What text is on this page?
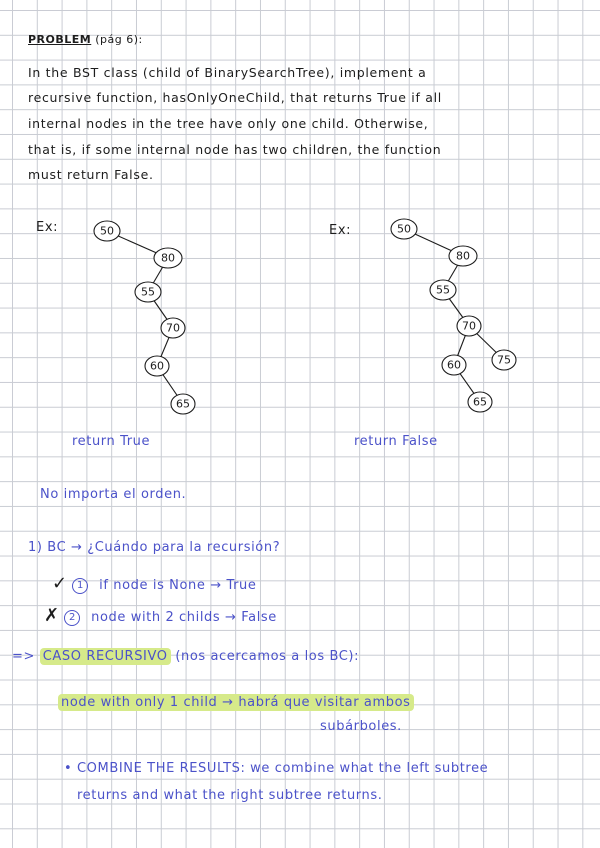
PROBLEM (pág 6):
In the BST class (child of BinarySearchTree), implement a
recursive function, hasOnlyOneChild, that returns True if all
internal nodes in the tree have only one child. Otherwise,
that is, if some internal node has two children, the function
must return False.
Ex:	50
80
55
70
60
65
return True
Ex:	50
80
55
70
60	75
65
return False
No importa el orden.
1) BC → ¿Cuándo para la recursión?
✓ 1 if node is None → True
✗ 2 node with 2 childs → False
=> CASO RECURSIVO (nos acercamos a los BC):
node with only 1 child → habrá que visitar ambos
subárboles.
• COMBINE THE RESULTS: we combine what the left subtree
returns and what the right subtree returns.
